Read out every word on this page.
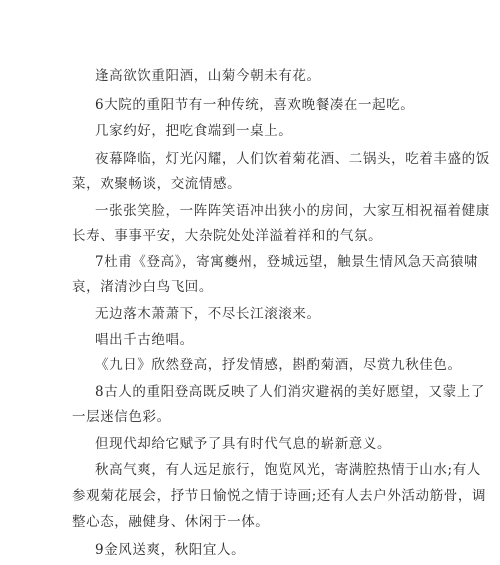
逢高欲饮重阳酒，山菊今朝未有花。

6大院的重阳节有一种传统，喜欢晚餐凑在一起吃。

几家约好，把吃食端到一桌上。

夜幕降临，灯光闪耀，人们饮着菊花酒、二锅头，吃着丰盛的饭
菜，欢聚畅谈，交流情感。

一张张笑脸，一阵阵笑语冲出狭小的房间，大家互相祝福着健康
长寿、事事平安，大杂院处处洋溢着祥和的气氛。

7杜甫《登高》，寄寓夔州，登城远望，触景生情风急天高猿啸
哀，渚清沙白鸟飞回。

无边落木萧萧下，不尽长江滚滚来。

唱出千古绝唱。

《九日》欣然登高，抒发情感，斟酌菊酒，尽赏九秋佳色。

8古人的重阳登高既反映了人们消灾避祸的美好愿望，又蒙上了
一层迷信色彩。

但现代却给它赋予了具有时代气息的崭新意义。

秋高气爽，有人远足旅行，饱览风光，寄满腔热情于山水;有人
参观菊花展会，抒节日愉悦之情于诗画;还有人去户外活动筋骨，调
整心态，融健身、休闲于一体。

9金风送爽，秋阳宜人。
